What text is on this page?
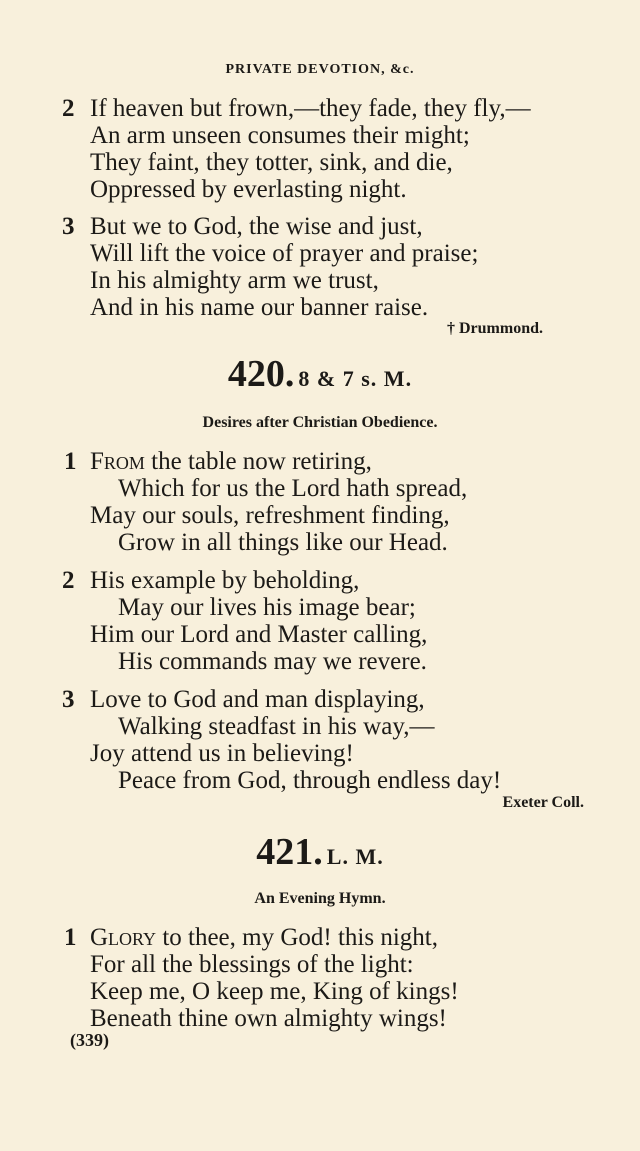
PRIVATE DEVOTION, &c.
2 If heaven but frown,—they fade, they fly,—
An arm unseen consumes their might;
They faint, they totter, sink, and die,
Oppressed by everlasting night.
3 But we to God, the wise and just,
Will lift the voice of prayer and praise;
In his almighty arm we trust,
And in his name our banner raise.
† Drummond.
420. 8 & 7 s. M.
Desires after Christian Obedience.
1 From the table now retiring,
Which for us the Lord hath spread,
May our souls, refreshment finding,
Grow in all things like our Head.
2 His example by beholding,
May our lives his image bear;
Him our Lord and Master calling,
His commands may we revere.
3 Love to God and man displaying,
Walking steadfast in his way,—
Joy attend us in believing!
Peace from God, through endless day!
Exeter Coll.
421. L. M.
An Evening Hymn.
1 Glory to thee, my God! this night,
For all the blessings of the light:
Keep me, O keep me, King of kings!
Beneath thine own almighty wings!
(339)
